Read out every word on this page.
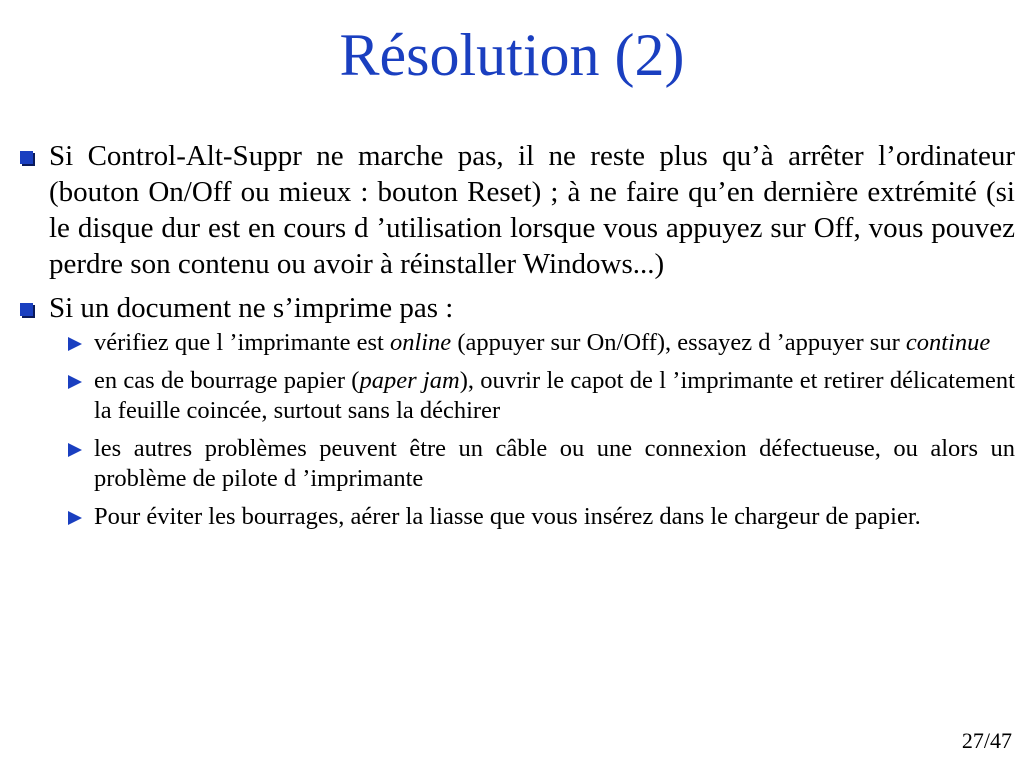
Résolution (2)
Si Control-Alt-Suppr ne marche pas, il ne reste plus qu’à arrêter l’ordinateur (bouton On/Off ou mieux : bouton Reset) ; à ne faire qu’en dernière extrémité (si le disque dur est en cours d ’utilisation lorsque vous appuyez sur Off, vous pouvez perdre son contenu ou avoir à réinstaller Windows...)
Si un document ne s’imprime pas :
vérifiez que l ’imprimante est online (appuyer sur On/Off), essayez d ’appuyer sur continue
en cas de bourrage papier (paper jam), ouvrir le capot de l ’imprimante et retirer délicatement la feuille coincée, surtout sans la déchirer
les autres problèmes peuvent être un câble ou une connexion défectueuse, ou alors un problème de pilote d ’imprimante
Pour éviter les bourrages, aérer la liasse que vous insérez dans le chargeur de papier.
27/47
